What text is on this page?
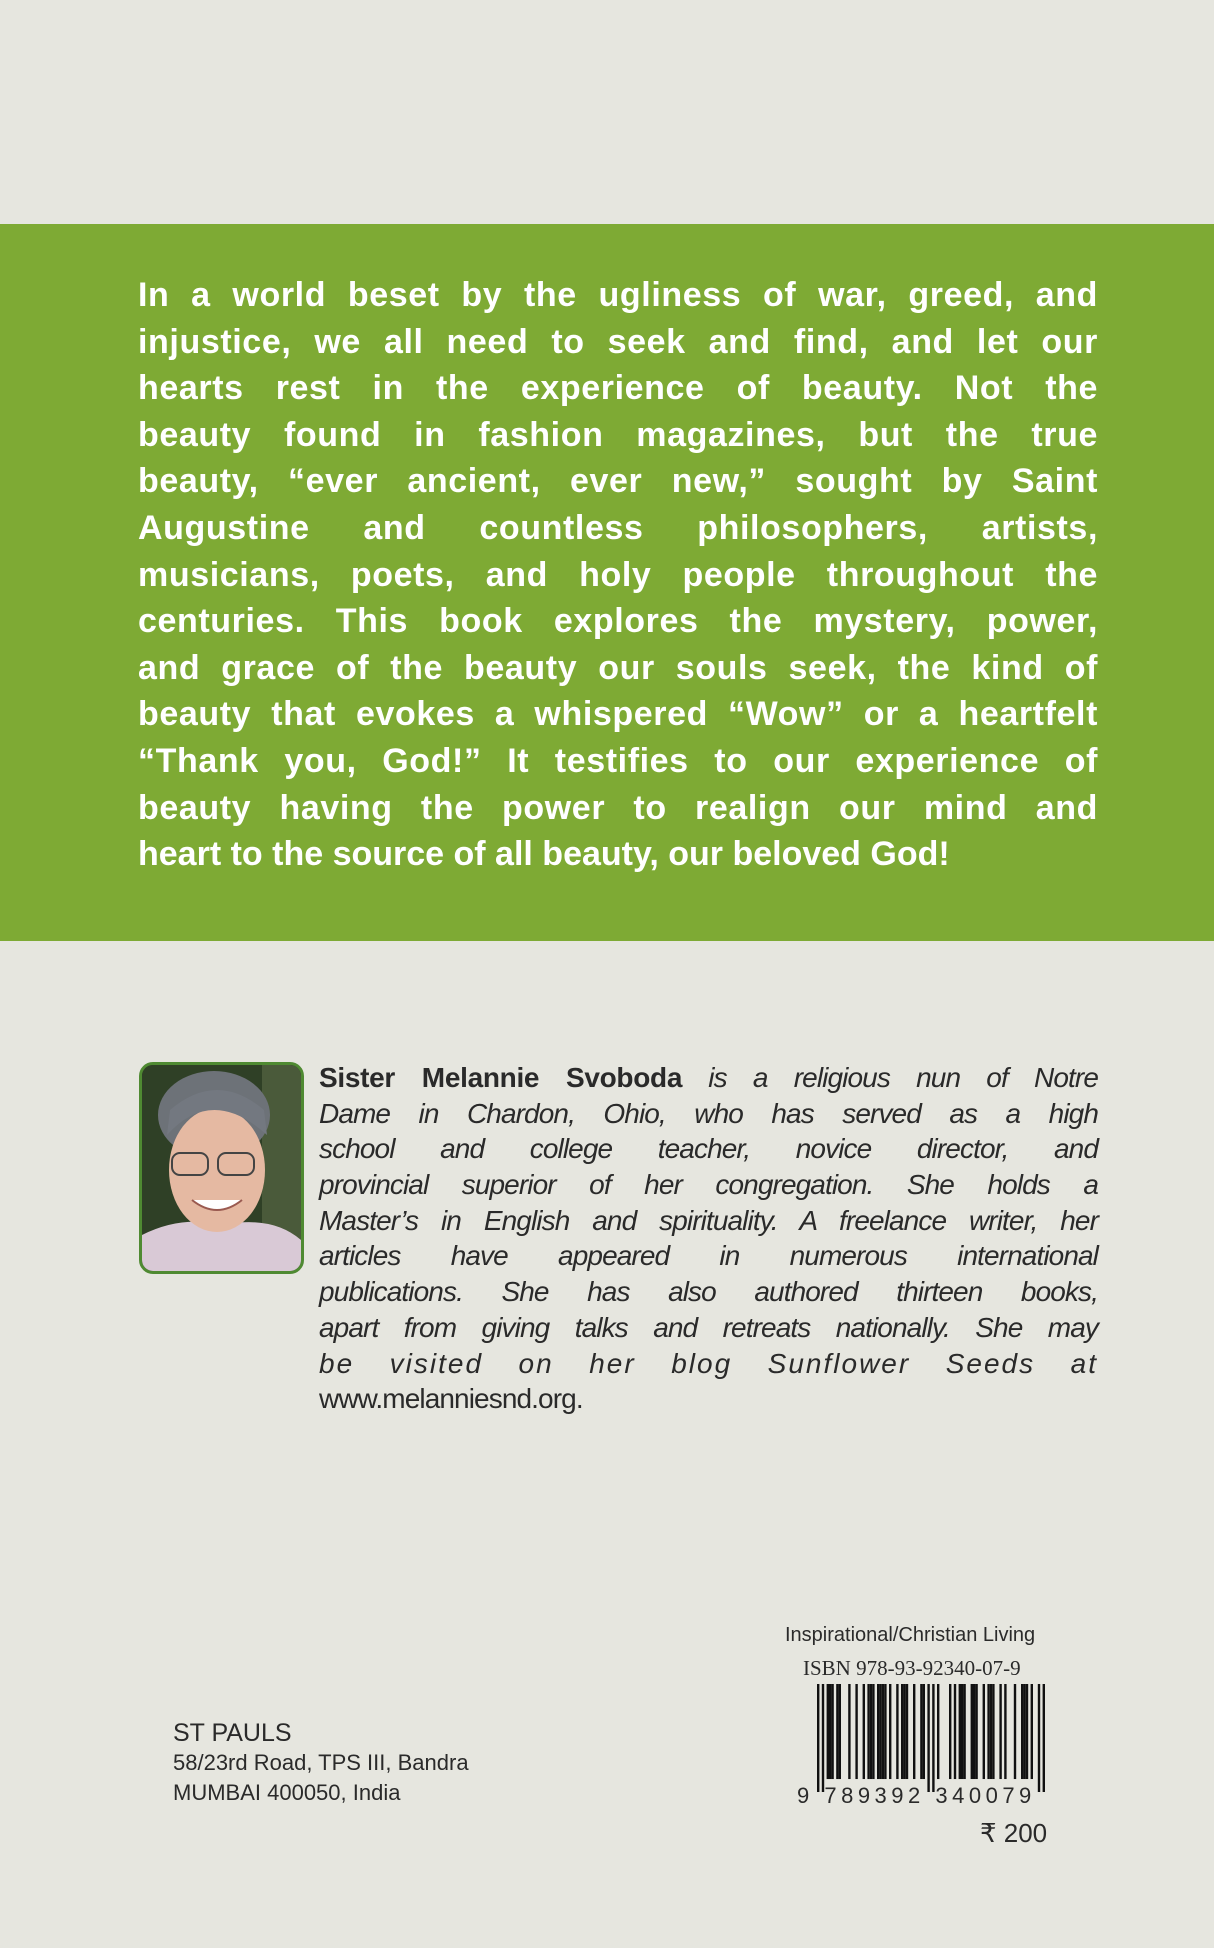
In a world beset by the ugliness of war, greed, and
injustice, we all need to seek and find, and let our
hearts rest in the experience of beauty. Not the
beauty found in fashion magazines, but the true
beauty, “ever ancient, ever new,” sought by Saint
Augustine and countless philosophers, artists,
musicians, poets, and holy people throughout the
centuries. This book explores the mystery, power,
and grace of the beauty our souls seek, the kind of
beauty that evokes a whispered “Wow” or a heartfelt
“Thank you, God!” It testifies to our experience of
beauty having the power to realign our mind and
heart to the source of all beauty, our beloved God!
Sister Melannie Svoboda is a religious nun of Notre
Dame in Chardon, Ohio, who has served as a high
school and college teacher, novice director, and
provincial superior of her congregation. She holds a
Master’s in English and spirituality. A freelance writer, her
articles have appeared in numerous international
publications. She has also authored thirteen books,
apart from giving talks and retreats nationally. She may
be visited on her blog Sunflower Seeds at
www.melanniesnd.org.
ST PAULS
58/23rd Road, TPS III, Bandra
MUMBAI 400050, India
Inspirational/Christian Living
ISBN 978-93-92340-07-9
9 789392 340079
₹ 200
